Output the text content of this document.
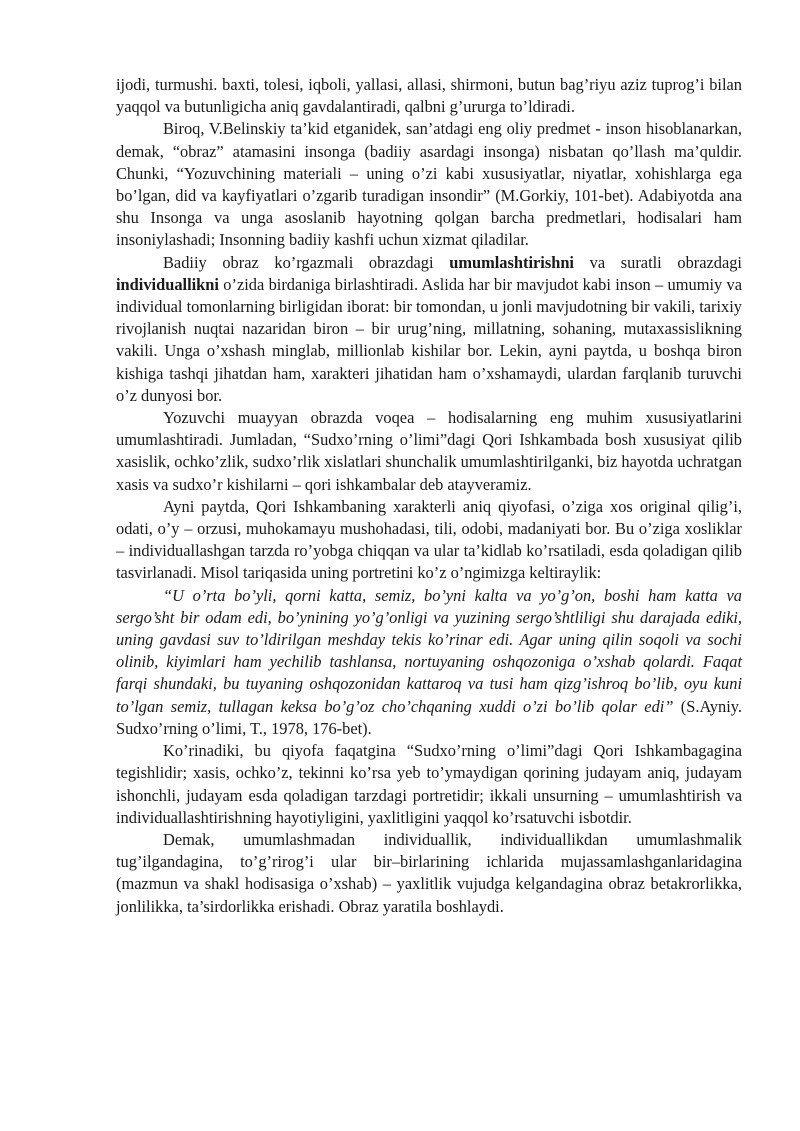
ijodi, turmushi. baxti, tolesi, iqboli, yallasi, allasi, shirmoni, butun bag’riyu aziz tuprog’i bilan yaqqol va butunligicha aniq gavdalantiradi, qalbni g’ururga to’ldiradi.

Biroq, V.Belinskiy ta’kid etganidek, san’atdagi eng oliy predmet - inson hisoblanarkan, demak, “obraz” atamasini insonga (badiiy asardagi insonga) nisbatan qo’llash ma’quldir. Chunki, “Yozuvchining materiali – uning o’zi kabi xususiyatlar, niyatlar, xohishlarga ega bo’lgan, did va kayfiyatlari o’zgarib turadigan insondir” (M.Gorkiy, 101-bet). Adabiyotda ana shu Insonga va unga asoslanib hayotning qolgan barcha predmetlari, hodisalari ham insoniylashadi; Insonning badiiy kashfi uchun xizmat qiladilar.

Badiiy obraz ko’rgazmali obrazdagi umumlashtirishni va suratli obrazdagi individuallikni o’zida birdaniga birlashtiradi. Aslida har bir mavjudot kabi inson – umumiy va individual tomonlarning birligidan iborat: bir tomondan, u jonli mavjudotning bir vakili, tarixiy rivojlanish nuqtai nazaridan biron – bir urug’ning, millatning, sohaning, mutaxassislikning vakili. Unga o’xshash minglab, millionlab kishilar bor. Lekin, ayni paytda, u boshqa biron kishiga tashqi jihatdan ham, xarakteri jihatidan ham o’xshamaydi, ulardan farqlanib turuvchi o’z dunyosi bor.

Yozuvchi muayyan obrazda voqea – hodisalarning eng muhim xususiyatlarini umumlashtiradi. Jumladan, “Sudxo’rning o’limi”dagi Qori Ishkambada bosh xususiyat qilib xasislik, ochko’zlik, sudxo’rlik xislatlari shunchalik umumlashtirilganki, biz hayotda uchratgan xasis va sudxo’r kishilarni – qori ishkambalar deb atayveramiz.

Ayni paytda, Qori Ishkambaning xarakterli aniq qiyofasi, o’ziga xos original qilig’i, odati, o’y – orzusi, muhokamayu mushohadasi, tili, odobi, madaniyati bor. Bu o’ziga xosliklar – individuallashgan tarzda ro’yobga chiqqan va ular ta’kidlab ko’rsatiladi, esda qoladigan qilib tasvirlanadi. Misol tariqasida uning portretini ko’z o’ngimizga keltiraylik:

“U o’rta bo’yli, qorni katta, semiz, bo’yni kalta va yo’g’on, boshi ham katta va sergo’sht bir odam edi, bo’ynining yo’g’onligi va yuzining sergo’shtliligi shu darajada ediki, uning gavdasi suv to’ldirilgan meshday tekis ko’rinar edi. Agar uning qilin soqoli va sochi olinib, kiyimlari ham yechilib tashlansa, nortuyaning oshqozoniga o’xshab qolardi. Faqat farqi shundaki, bu tuyaning oshqozonidan kattaroq va tusi ham qizg’ishroq bo’lib, oyu kuni to’lgan semiz, tullagan keksa bo’g’oz cho’chqaning xuddi o’zi bo’lib qolar edi” (S.Ayniy. Sudxo’rning o’limi, T., 1978, 176-bet).

Ko’rinadiki, bu qiyofa faqatgina “Sudxo’rning o’limi”dagi Qori Ishkambagagina tegishlidir; xasis, ochko’z, tekinni ko’rsa yeb to’ymaydigan qorining judayam aniq, judayam ishonchli, judayam esda qoladigan tarzdagi portretidir; ikkali unsurning – umumlashtirish va individuallashtirishning hayotiyligini, yaxlitligini yaqqol ko’rsatuvchi isbotdir.

Demak, umumlashmadan individuallik, individuallikdan umumlashmalik tug’ilgandagina, to’g’rirog’i ular bir–birlarining ichlarida mujassamlashganlaridagina (mazmun va shakl hodisasiga o’xshab) – yaxlitlik vujudga kelgandagina obraz betakrorlikka, jonlilikka, ta’sirdorlikka erishadi. Obraz yaratila boshlaydi.
